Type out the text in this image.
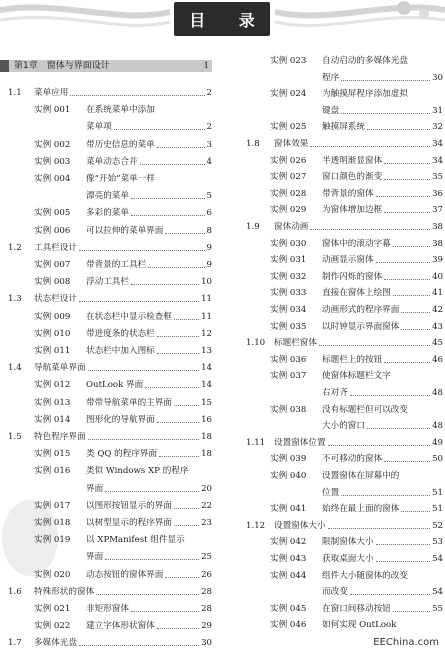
目 录
第1章　窗体与界面设计	1
1.1 菜单应用	2
实例 001 在系统菜单中添加
菜单项	2
实例 002 带历史信息的菜单	3
实例 003 菜单动态合并	4
实例 004 像“开始”菜单一样
漂亮的菜单	5
实例 005 多彩的菜单	6
实例 006 可以拉伸的菜单界面	8
1.2 工具栏设计	9
实例 007 带背景的工具栏	9
实例 008 浮动工具栏	10
1.3 状态栏设计	11
实例 009 在状态栏中显示检查框	11
实例 010 带进度条的状态栏	12
实例 011 状态栏中加入图标	13
1.4 导航菜单界面	14
实例 012 OutLook 界面	14
实例 013 带带导航菜单的主界面	15
实例 014 图形化的导航界面	16
1.5 特色程序界面	18
实例 015 类 QQ 的程序界面	18
实例 016 类似 Windows XP 的程序
界面	20
实例 017 以图形按钮显示的界面	22
实例 018 以树型显示的程序界面	23
实例 019 以 XPManifest 组件显示
界面	25
实例 020 动态按钮的窗体界面	26
1.6 特殊形状的窗体	28
实例 021 非矩形窗体	28
实例 022 建立字体形状窗体	29
1.7 多媒体光盘	30
实例 023 自动启动的多媒体光盘
程序	30
实例 024 为触摸屏程序添加虚拟
键盘	31
实例 025 触摸屏系统	32
1.8 窗体效果	34
实例 026 半透明渐显窗体	34
实例 027 窗口颜色的渐变	35
实例 028 带背景的窗体	36
实例 029 为窗体增加边框	37
1.9 窗体动画	38
实例 030 窗体中的滚动字幕	38
实例 031 动画显示窗体	39
实例 032 制作闪烁的窗体	40
实例 033 直接在窗体上绘图	41
实例 034 动画形式的程序界面	42
实例 035 以时钟显示界面窗体	43
1.10 标题栏窗体	45
实例 036 标题栏上的按钮	46
实例 037 使窗体标题栏文字
右对齐	48
实例 038 没有标题栏但可以改变
大小的窗口	48
1.11 设置窗体位置	49
实例 039 不可移动的窗体	50
实例 040 设置窗体在屏幕中的
位置	51
实例 041 始终在最上面的窗体	51
1.12 设置窗体大小	52
实例 042 限制窗体大小	53
实例 043 获取桌面大小	54
实例 044 组件大小随窗体的改变
而改变	54
实例 045 在窗口间移动按钮	55
实例 046 如何实现 OutLook
EEChina.com
